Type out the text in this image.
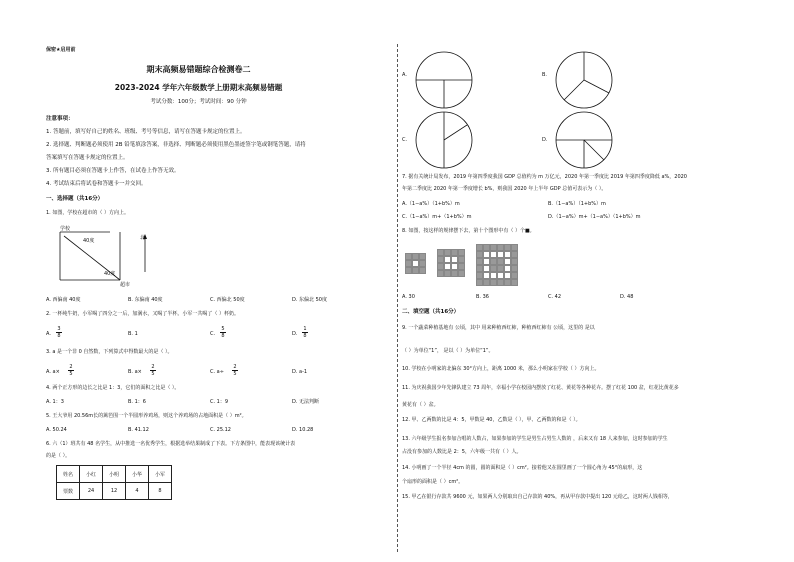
保密★启用前
期末高频易错题综合检测卷二
2023-2024 学年六年级数学上册期末高频易错题
考试分数：100分；考试时间：90 分钟
注意事项：
1. 答题前，填写好自己的姓名、班级、考号等信息，请写在答题卡规定的位置上。
2. 选择题、判断题必须使用 2B 铅笔填涂答案，非选择、判断题必须使用黑色墨迹签字笔或钢笔答题，请将
答案填写在答题卡规定的位置上。
3. 所有题目必须在答题卡上作答，在试卷上作答无效。
4. 考试结束后将试卷和答题卡一并交回。
一、选择题（共16分）
1. 如图，学校在超市的（ ）方向上。
学校
40度	北
40度
超市
A. 西偏南 40度	B. 东偏南 40度	C. 西偏北 50度	D. 东偏北 50度
2. 一杯纯牛奶，小军喝了四分之一后，加满水，又喝了半杯。小军一共喝了（ ）杯奶。
A.
3
8	B. 1	C.
5
8	D.
1
8
3. a 是一个非 0 自然数，下列算式中得数最大的是（ ）。
A. a×
2
5	B. a×
2
5	C. a÷
2
5	D. a-1
4. 两个正方形的边长之比是 1：3，它们的面积之比是（ ）。
A. 1：3	B. 1：6	C. 1：9	D. 无法判断
5. 王大爷用 20.56m长的篱笆围一个半圆形养鸡场，则这个养鸡场的占地面积是（ ）m²。
A. 50.24	B. 41.12	C. 25.12	D. 10.28
6. 六（1）班共有 48 名学生，从中推选一名优秀学生，根据选举结果制成了下表。下方条图中，能表现该统计表
的是（ ）。
姓名	小红	小明	小华	小军
票数	24	12	4	8
A.	B.
C.	D.
7. 据有关统计局发布，2019 年第四季度我国 GDP 总值约为 m 万亿元，2020 年第一季度比 2019 年第四季度降低 a%，2020
年第二季度比 2020 年第一季度增长 b%，则我国 2020 年上半年 GDP 总值可表示为（ ）。
A.（1−a%）（1+b%）m	B.（1−a%）（1+b%）m
C.（1−a%）m+（1+b%）m	D.（1−a%）m+（1−a%）（1+b%）m
8. 如图，按这样的规律摆下去，第十个图形中有（ ）个■。
A. 30	B. 36	C. 42	D. 48
二、填空题（共16分）
9. 一个蔬菜种植基地有 公顷，其中 用来种植西红柿，种植西红柿有 公顷，这里的 是以
（ ）为单位“1”， 是以（ ）为单位“1”。
10. 学校在小明家的北偏东 30°方向上，距离 1000 米，那么小明家在学校（ ）方向上。
11. 为庆祝我国少年先锋队建立 73 周年，幸福小学在校园内摆放了红花、黄花等各种花卉。摆了红花 100 盆，红花比黄花多
黄花有（ ）盆。
12. 甲、乙两数的比是 4：5，甲数是 40，乙数是（ ），甲、乙两数的和是（ ）。
13. 六年级学生报名参加合唱的人数占，如果参加的学生是男生占男生人数的 ，后来又有 18 人来参加，这时参加的学生
占没有参加的人数比是 2：5，六年级一共有（ ）人。
14. 小明画了一个半径 4cm 的圆，圆的面积是（ ）cm²。接着他又在圆里画了一个圆心角为 45°的扇形，这
个扇形的面积是（ ）cm²。
15. 甲乙在银行存款共 9600 元，如果两人分别取出自己存款的 40%，再从甲存款中提出 120 元给乙，这时两人钱相等，
